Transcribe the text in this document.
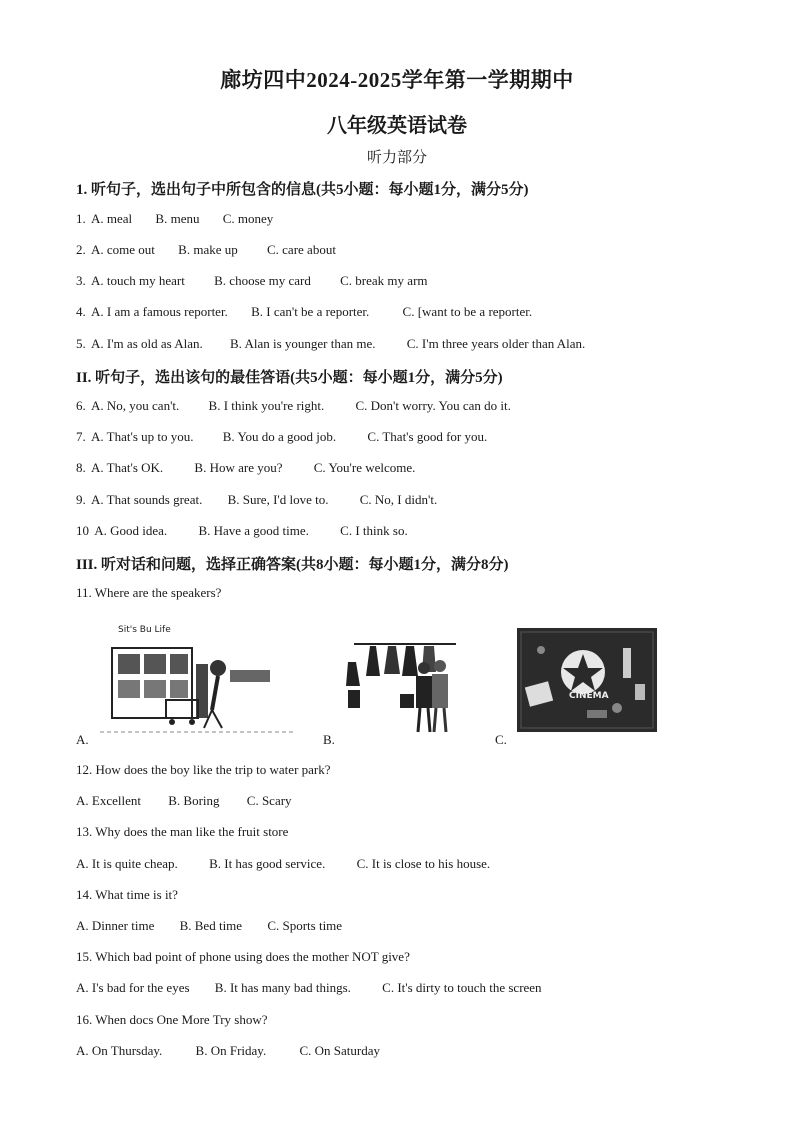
廊坊四中2024-2025学年第一学期期中
八年级英语试卷
听力部分
1. 听句子，选出句子中所包含的信息(共5小题：每小题1分，满分5分)
1. A. meal B. menu C. money
2. A. come out B. make up C. care about
3. A. touch my heart B. choose my card C. break my arm
4. A. I am a famous reporter. B. I can't be a reporter.	C. [want to be a reporter.
5. A. I'm as old as Alan. B. Alan is younger than me. C. I'm three years older than Alan.
II. 听句子，选出该句的最佳答语(共5小题：每小题1分，满分5分)
6. A. No, you can't. B. I think you're right. C. Don't worry. You can do it.
7. A. That's up to you. B. You do a good job. C. That's good for you.
8. A. That's OK. B. How are you? C. You're welcome.
9. A. That sounds great. B. Sure, I'd love to. C. No, I didn't.
10 A. Good idea. B. Have a good time. C. I think so.
III. 听对话和问题，选择正确答案(共8小题：每小题1分，满分8分)
11. Where are the speakers?
Sit's Bu Life
A.	B.
CINEMA
C.
12. How does the boy like the trip to water park?
A. Excellent B. Boring C. Scary
13. Why does the man like the fruit store
A. It is quite cheap. B. It has good service. C. It is close to his house.
14. What time is it?
A. Dinner time B. Bed time C. Sports time
15. Which bad point of phone using does the mother NOT give?
A. I's bad for the eyes B. It has many bad things. C. It's dirty to touch the screen
16. When docs One More Try show?
A. On Thursday.	B. On Friday.	C. On Saturday
